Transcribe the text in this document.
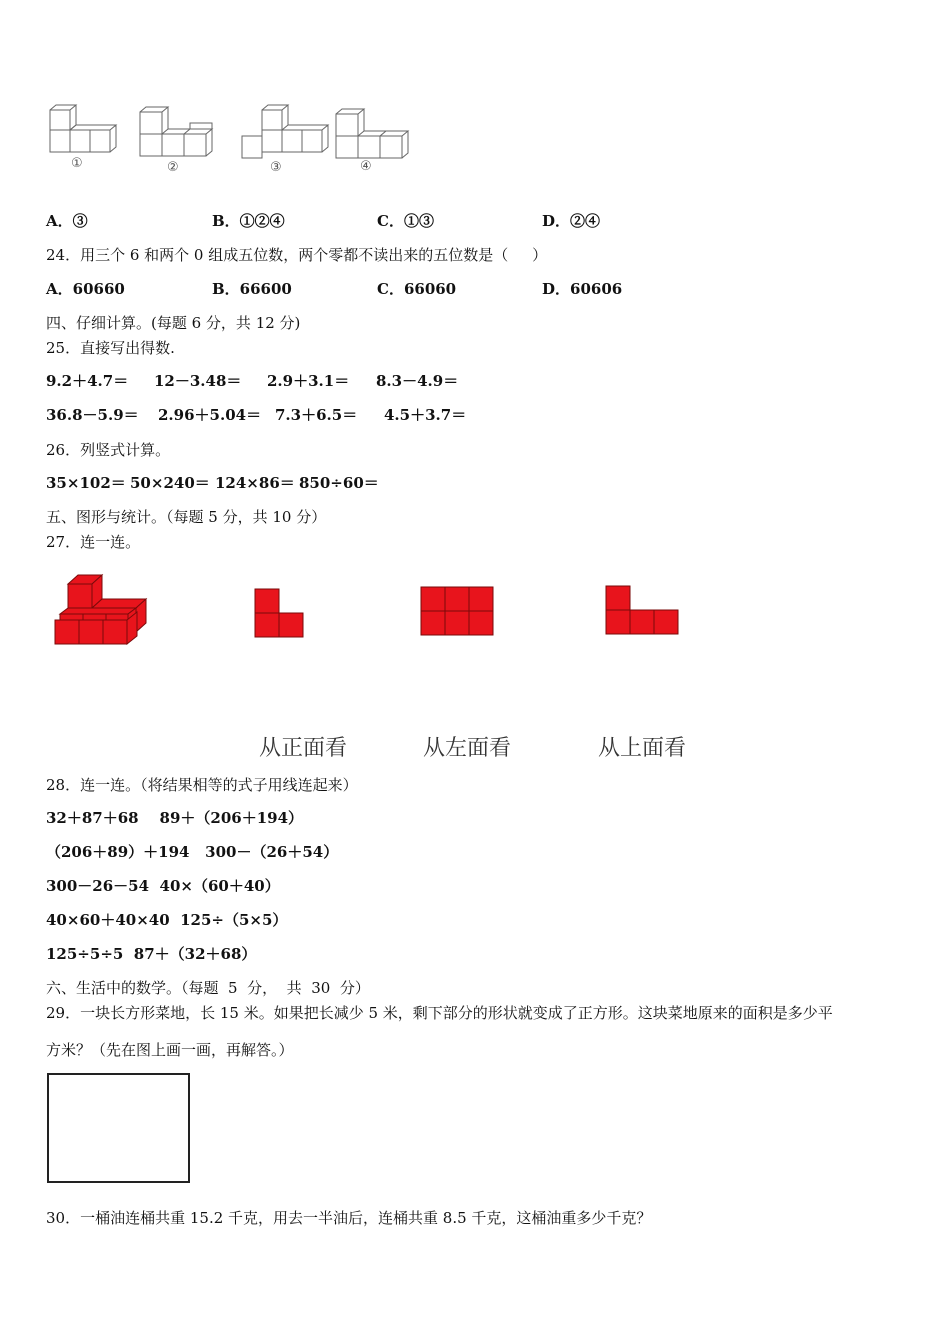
①	②	③	④
A．③	B．①②④	C．①③	D．②④
24．用三个 6 和两个 0 组成五位数，两个零都不读出来的五位数是（     ）
A．60660	B．66600	C．66060	D．60606
四、仔细计算。(每题 6 分，共 12 分)
25．直接写出得数.
9.2＋4.7＝ 12－3.48＝ 2.9＋3.1＝ 8.3－4.9＝
36.8－5.9＝ 2.96＋5.04＝ 7.3＋6.5＝ 4.5＋3.7＝
26．列竖式计算。
35×102＝ 50×240＝ 124×86＝ 850÷60＝
五、图形与统计。（每题 5 分，共 10 分）
27．连一连。
从正面看	从左面看	从上面看
28．连一连。（将结果相等的式子用线连起来）
32＋87＋68    89＋（206＋194）
（206＋89）＋194   300－（26＋54）
300－26－54  40×（60＋40）
40×60＋40×40  125÷（5×5）
125÷5÷5  87＋（32＋68）
六、生活中的数学。（每题  5  分，  共  30  分）
29．一块长方形菜地，长 15 米。如果把长减少 5 米，剩下部分的形状就变成了正方形。这块菜地原来的面积是多少平
方米？（先在图上画一画，再解答。）
30．一桶油连桶共重 15.2 千克，用去一半油后，连桶共重 8.5 千克，这桶油重多少千克？
